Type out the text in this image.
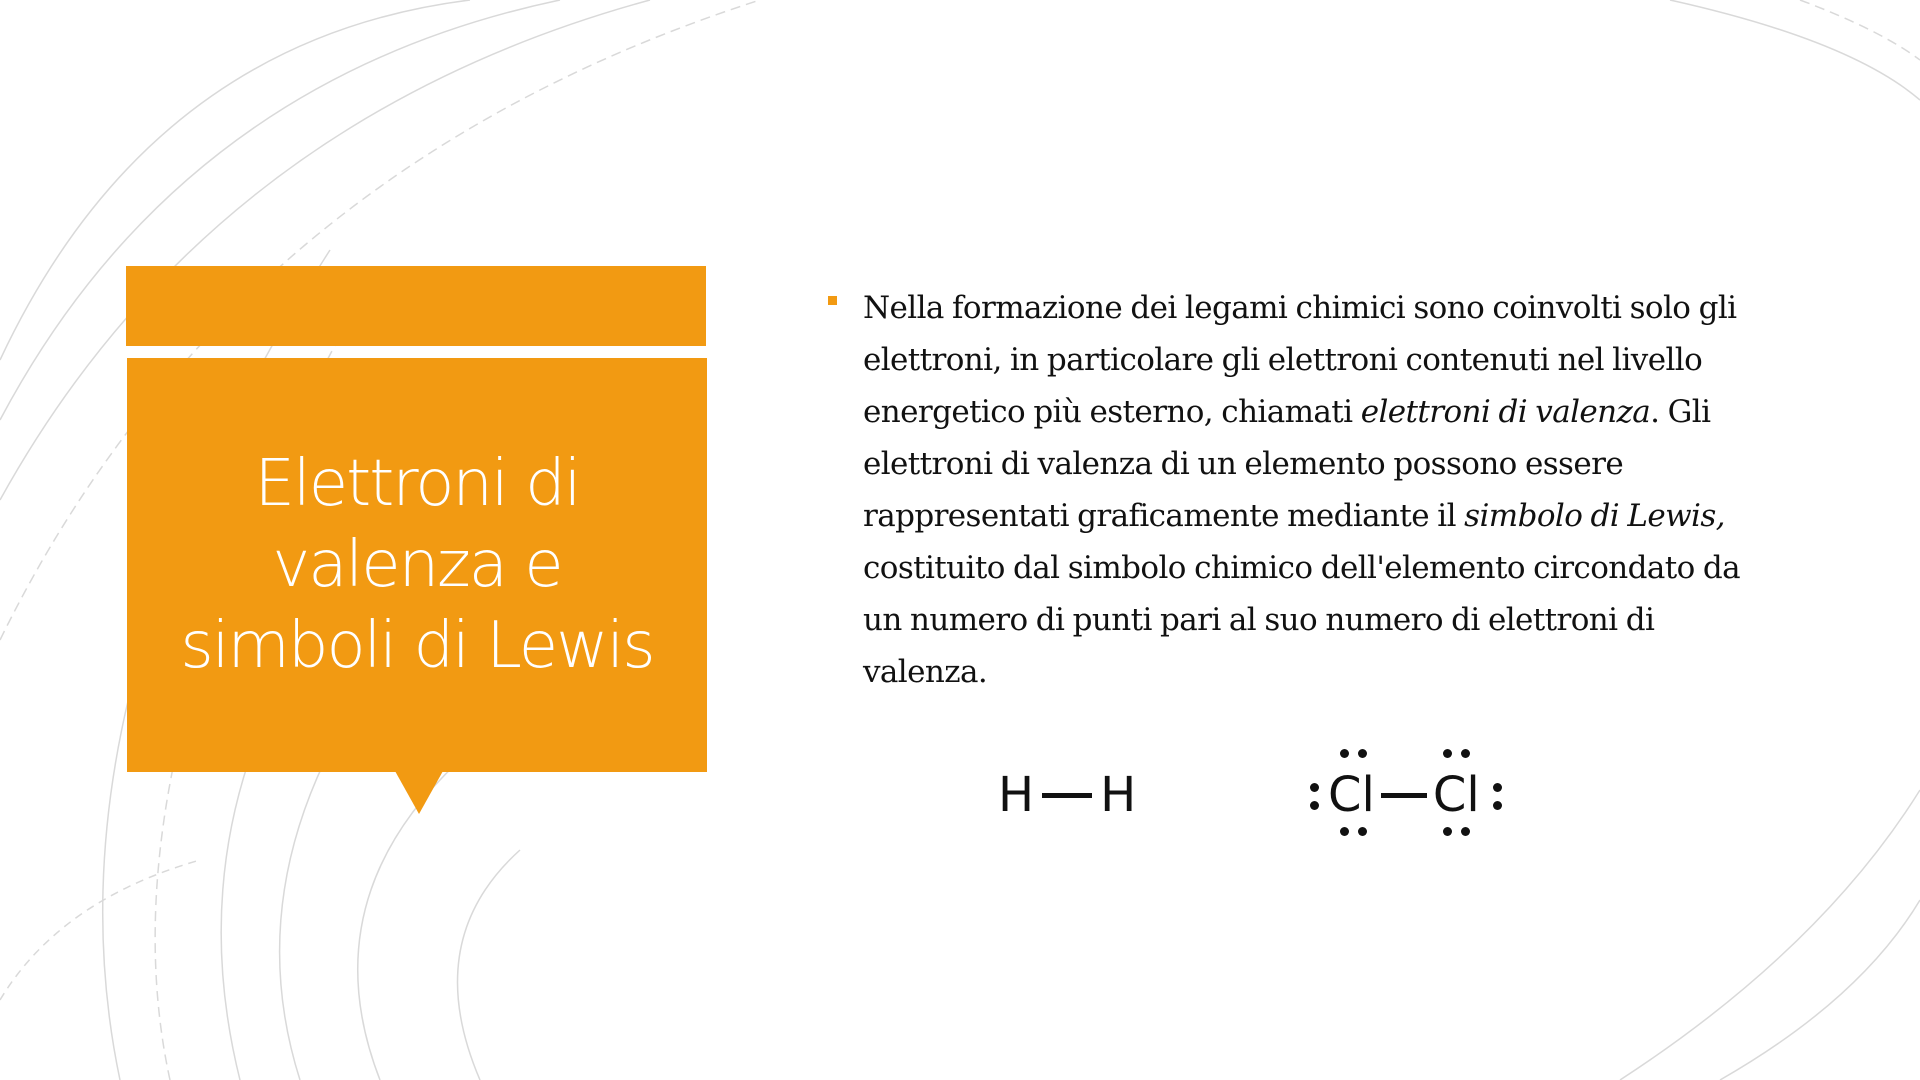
Elettroni di
valenza e
simboli di Lewis

Nella formazione dei legami chimici sono coinvolti solo gli elettroni, in particolare gli elettroni contenuti nel livello energetico più esterno, chiamati elettroni di valenza. Gli elettroni di valenza di un elemento possono essere rappresentati graficamente mediante il simbolo di Lewis, costituito dal simbolo chimico dell'elemento circondato da un numero di punti pari al suo numero di elettroni di valenza.

H H	Cl Cl
